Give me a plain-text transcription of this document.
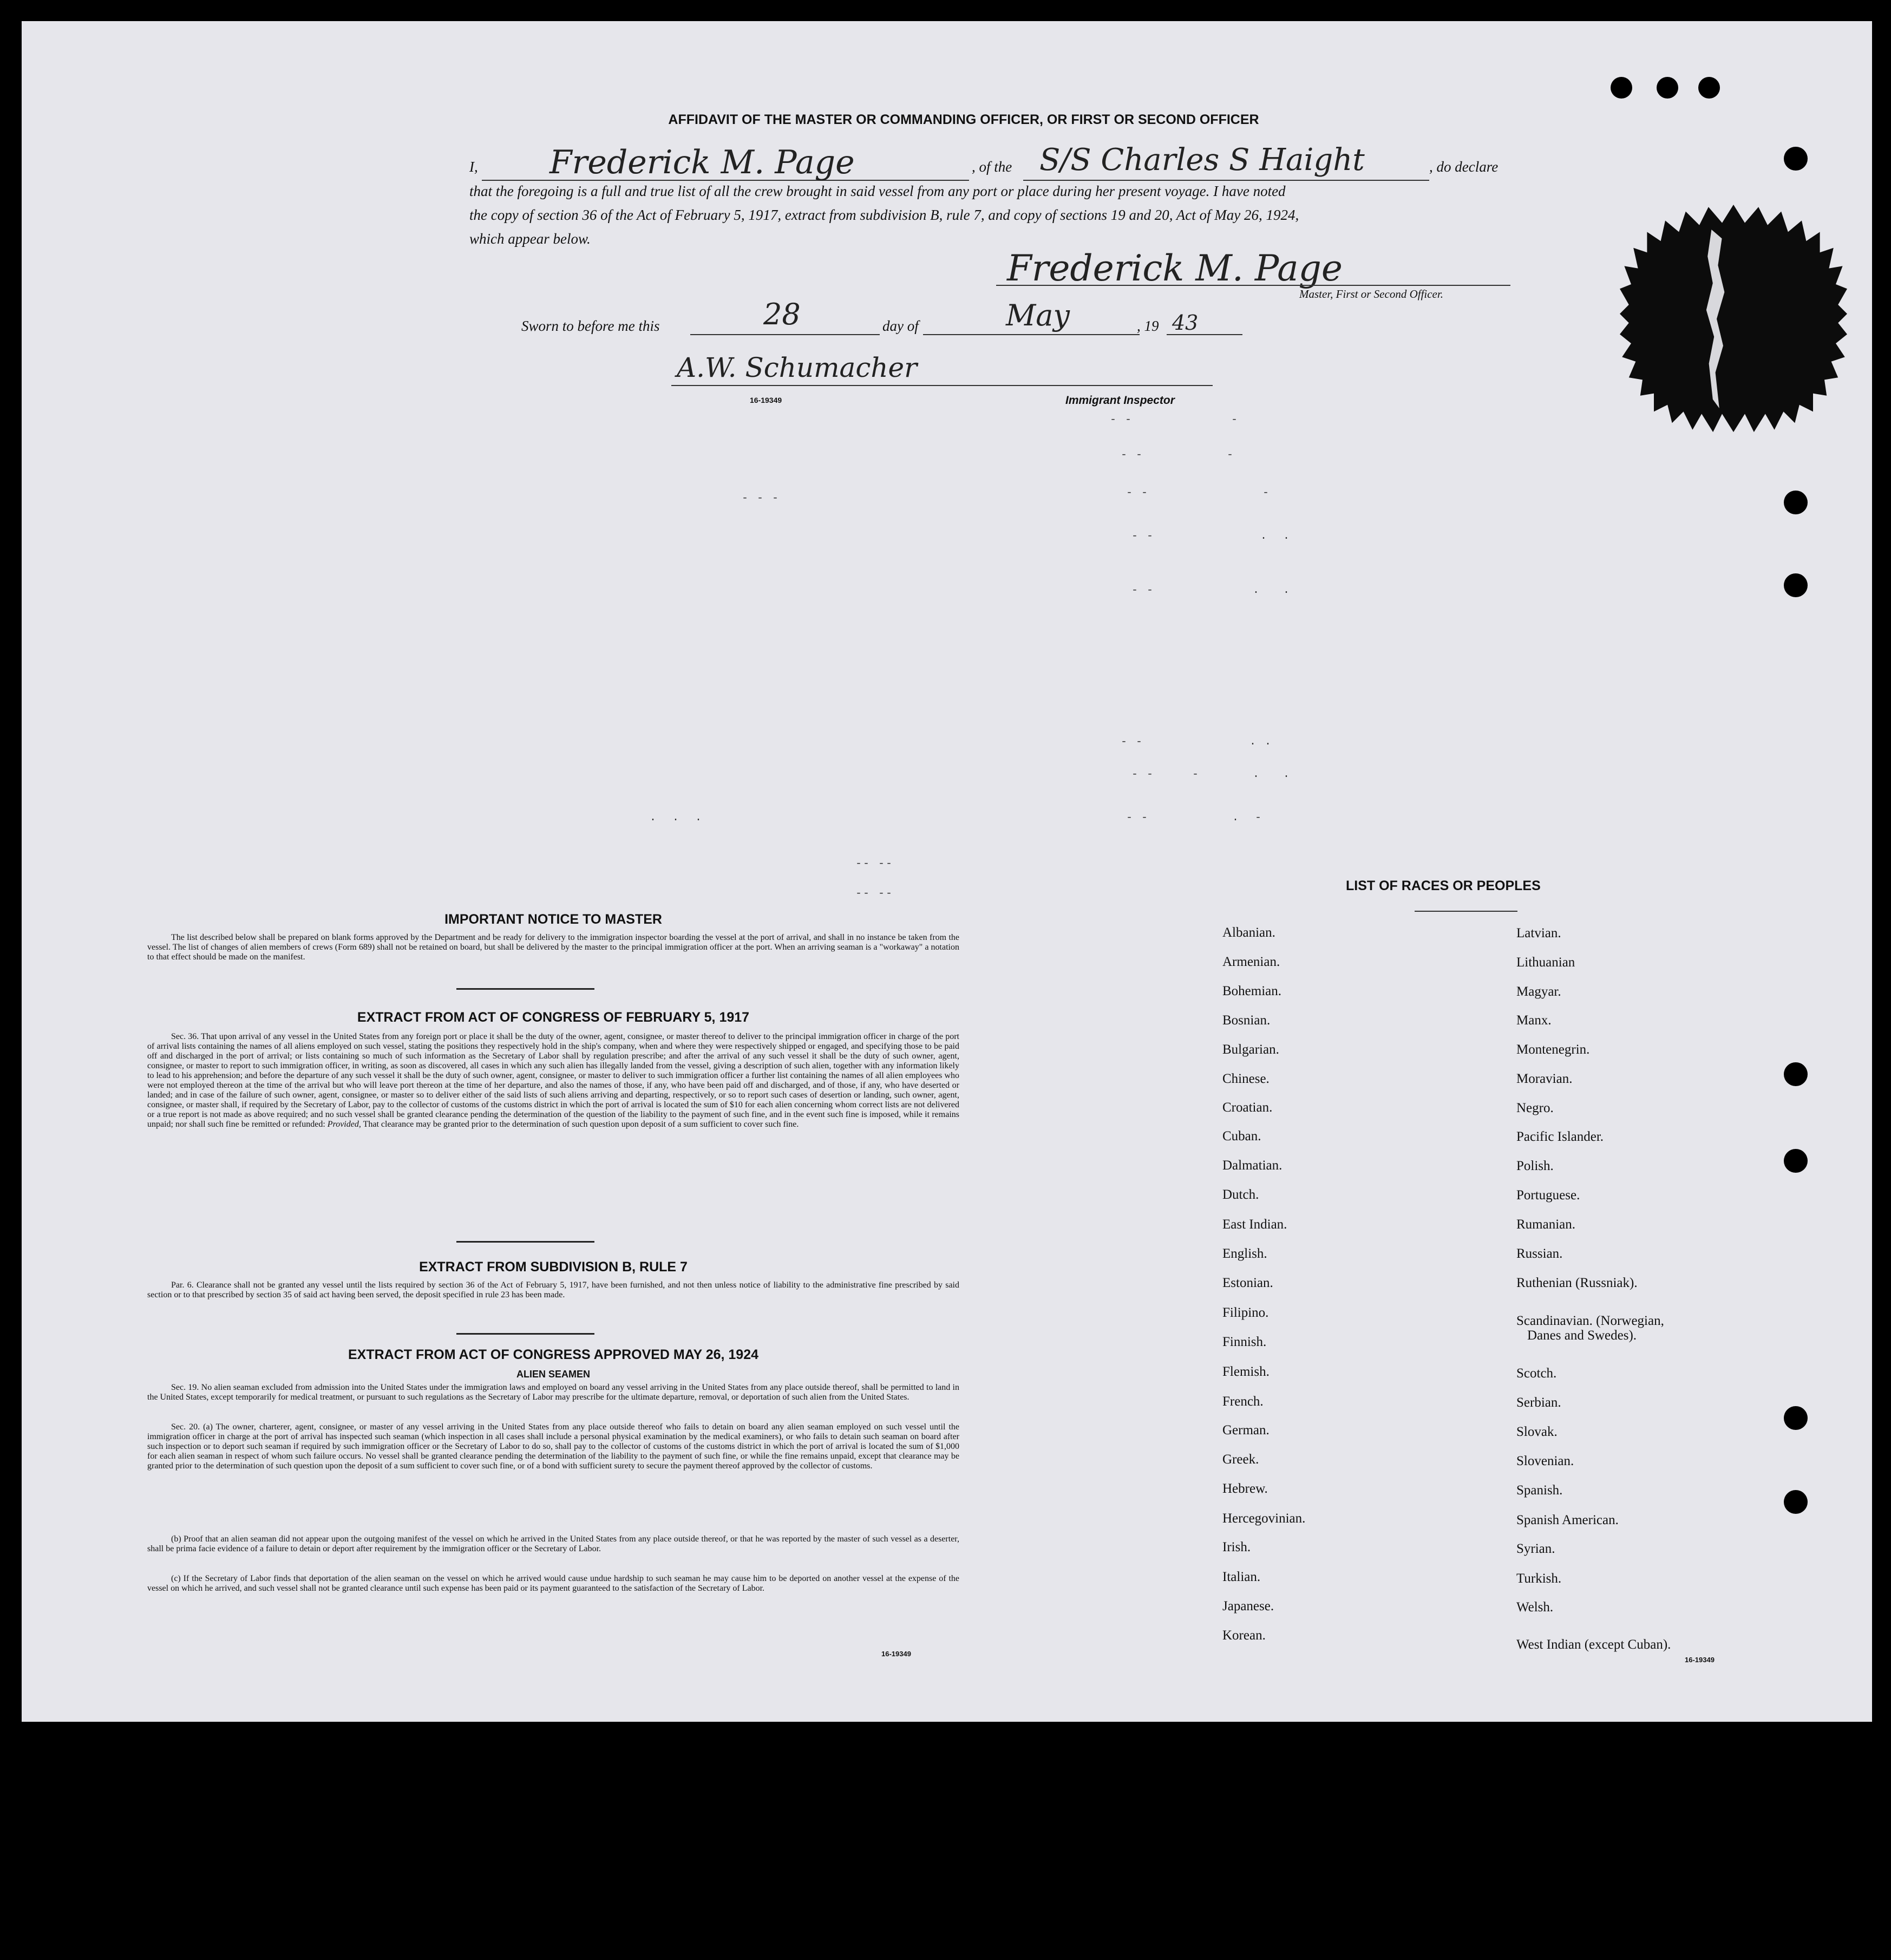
AFFIDAVIT OF THE MASTER OR COMMANDING OFFICER, OR FIRST OR SECOND OFFICER
I, Frederick M. Page	, of the S/S Charles S Haight	, do declare
that the foregoing is a full and true list of all the crew brought in said vessel from any port or place during her present voyage. I have noted
the copy of section 36 of the Act of February 5, 1917, extract from subdivision B, rule 7, and copy of sections 19 and 20, Act of May 26, 1924,
which appear below.
Frederick M. Page
Master, First or Second Officer.
Sworn to before me this	28	day of	May	, 19 43
A.W. Schumacher
16-19349	Immigrant Inspector
- -             -
- -           -
- -               -
- -              .  .
- -             .   .
- -              . .
- -     -       .   .
- -           .  -
.  .  .
- - -
-- --
-- --
IMPORTANT NOTICE TO MASTER

The list described below shall be prepared on blank forms approved by the Department and be ready for delivery to the immigration inspector boarding the vessel at the port of arrival, and shall in no instance be taken from the vessel. The list of changes of alien members of crews (Form 689) shall not be retained on board, but shall be delivered by the master to the principal immigration officer at the port. When an arriving seaman is a "workaway" a notation to that effect should be made on the manifest.

EXTRACT FROM ACT OF CONGRESS OF FEBRUARY 5, 1917

Sec. 36. That upon arrival of any vessel in the United States from any foreign port or place it shall be the duty of the owner, agent, consignee, or master thereof to deliver to the principal immigration officer in charge of the port of arrival lists containing the names of all aliens employed on such vessel, stating the positions they respectively hold in the ship's company, when and where they were respectively shipped or engaged, and specifying those to be paid off and discharged in the port of arrival; or lists containing so much of such information as the Secretary of Labor shall by regulation prescribe; and after the arrival of any such vessel it shall be the duty of such owner, agent, consignee, or master to report to such immigration officer, in writing, as soon as discovered, all cases in which any such alien has illegally landed from the vessel, giving a description of such alien, together with any information likely to lead to his apprehension; and before the departure of any such vessel it shall be the duty of such owner, agent, consignee, or master to deliver to such immigration officer a further list containing the names of all alien employees who were not employed thereon at the time of the arrival but who will leave port thereon at the time of her departure, and also the names of those, if any, who have been paid off and discharged, and of those, if any, who have deserted or landed; and in case of the failure of such owner, agent, consignee, or master so to deliver either of the said lists of such aliens arriving and departing, respectively, or so to report such cases of desertion or landing, such owner, agent, consignee, or master shall, if required by the Secretary of Labor, pay to the collector of customs of the customs district in which the port of arrival is located the sum of $10 for each alien concerning whom correct lists are not delivered or a true report is not made as above required; and no such vessel shall be granted clearance pending the determination of the question of the liability to the payment of such fine, and in the event such fine is imposed, while it remains unpaid; nor shall such fine be remitted or refunded: Provided, That clearance may be granted prior to the determination of such question upon deposit of a sum sufficient to cover such fine.

EXTRACT FROM SUBDIVISION B, RULE 7

Par. 6. Clearance shall not be granted any vessel until the lists required by section 36 of the Act of February 5, 1917, have been furnished, and not then unless notice of liability to the administrative fine prescribed by said section or to that prescribed by section 35 of said act having been served, the deposit specified in rule 23 has been made.

EXTRACT FROM ACT OF CONGRESS APPROVED MAY 26, 1924
ALIEN SEAMEN

Sec. 19. No alien seaman excluded from admission into the United States under the immigration laws and employed on board any vessel arriving in the United States from any place outside thereof, shall be permitted to land in the United States, except temporarily for medical treatment, or pursuant to such regulations as the Secretary of Labor may prescribe for the ultimate departure, removal, or deportation of such alien from the United States.

Sec. 20. (a) The owner, charterer, agent, consignee, or master of any vessel arriving in the United States from any place outside thereof who fails to detain on board any alien seaman employed on such vessel until the immigration officer in charge at the port of arrival has inspected such seaman (which inspection in all cases shall include a personal physical examination by the medical examiners), or who fails to detain such seaman on board after such inspection or to deport such seaman if required by such immigration officer or the Secretary of Labor to do so, shall pay to the collector of customs of the customs district in which the port of arrival is located the sum of $1,000 for each alien seaman in respect of whom such failure occurs. No vessel shall be granted clearance pending the determination of the liability to the payment of such fine, or while the fine remains unpaid, except that clearance may be granted prior to the determination of such question upon the deposit of a sum sufficient to cover such fine, or of a bond with sufficient surety to secure the payment thereof approved by the collector of customs.

(b) Proof that an alien seaman did not appear upon the outgoing manifest of the vessel on which he arrived in the United States from any place outside thereof, or that he was reported by the master of such vessel as a deserter, shall be prima facie evidence of a failure to detain or deport after requirement by the immigration officer or the Secretary of Labor.

(c) If the Secretary of Labor finds that deportation of the alien seaman on the vessel on which he arrived would cause undue hardship to such seaman he may cause him to be deported on another vessel at the expense of the vessel on which he arrived, and such vessel shall not be granted clearance until such expense has been paid or its payment guaranteed to the satisfaction of the Secretary of Labor.

16-19349
LIST OF RACES OR PEOPLES
16-19349
Albanian.
Armenian.
Bohemian.
Bosnian.
Bulgarian.
Chinese.
Croatian.
Cuban.
Dalmatian.
Dutch.
East Indian.
English.
Estonian.
Filipino.
Finnish.
Flemish.
French.
German.
Greek.
Hebrew.
Hercegovinian.
Irish.
Italian.
Japanese.
Korean.
Latvian.
Lithuanian
Magyar.
Manx.
Montenegrin.
Moravian.
Negro.
Pacific Islander.
Polish.
Portuguese.
Rumanian.
Russian.
Ruthenian (Russniak).
Scandinavian. (Norwegian,
Danes and Swedes).
Scotch.
Serbian.
Slovak.
Slovenian.
Spanish.
Spanish American.
Syrian.
Turkish.
Welsh.
West Indian (except Cuban).
